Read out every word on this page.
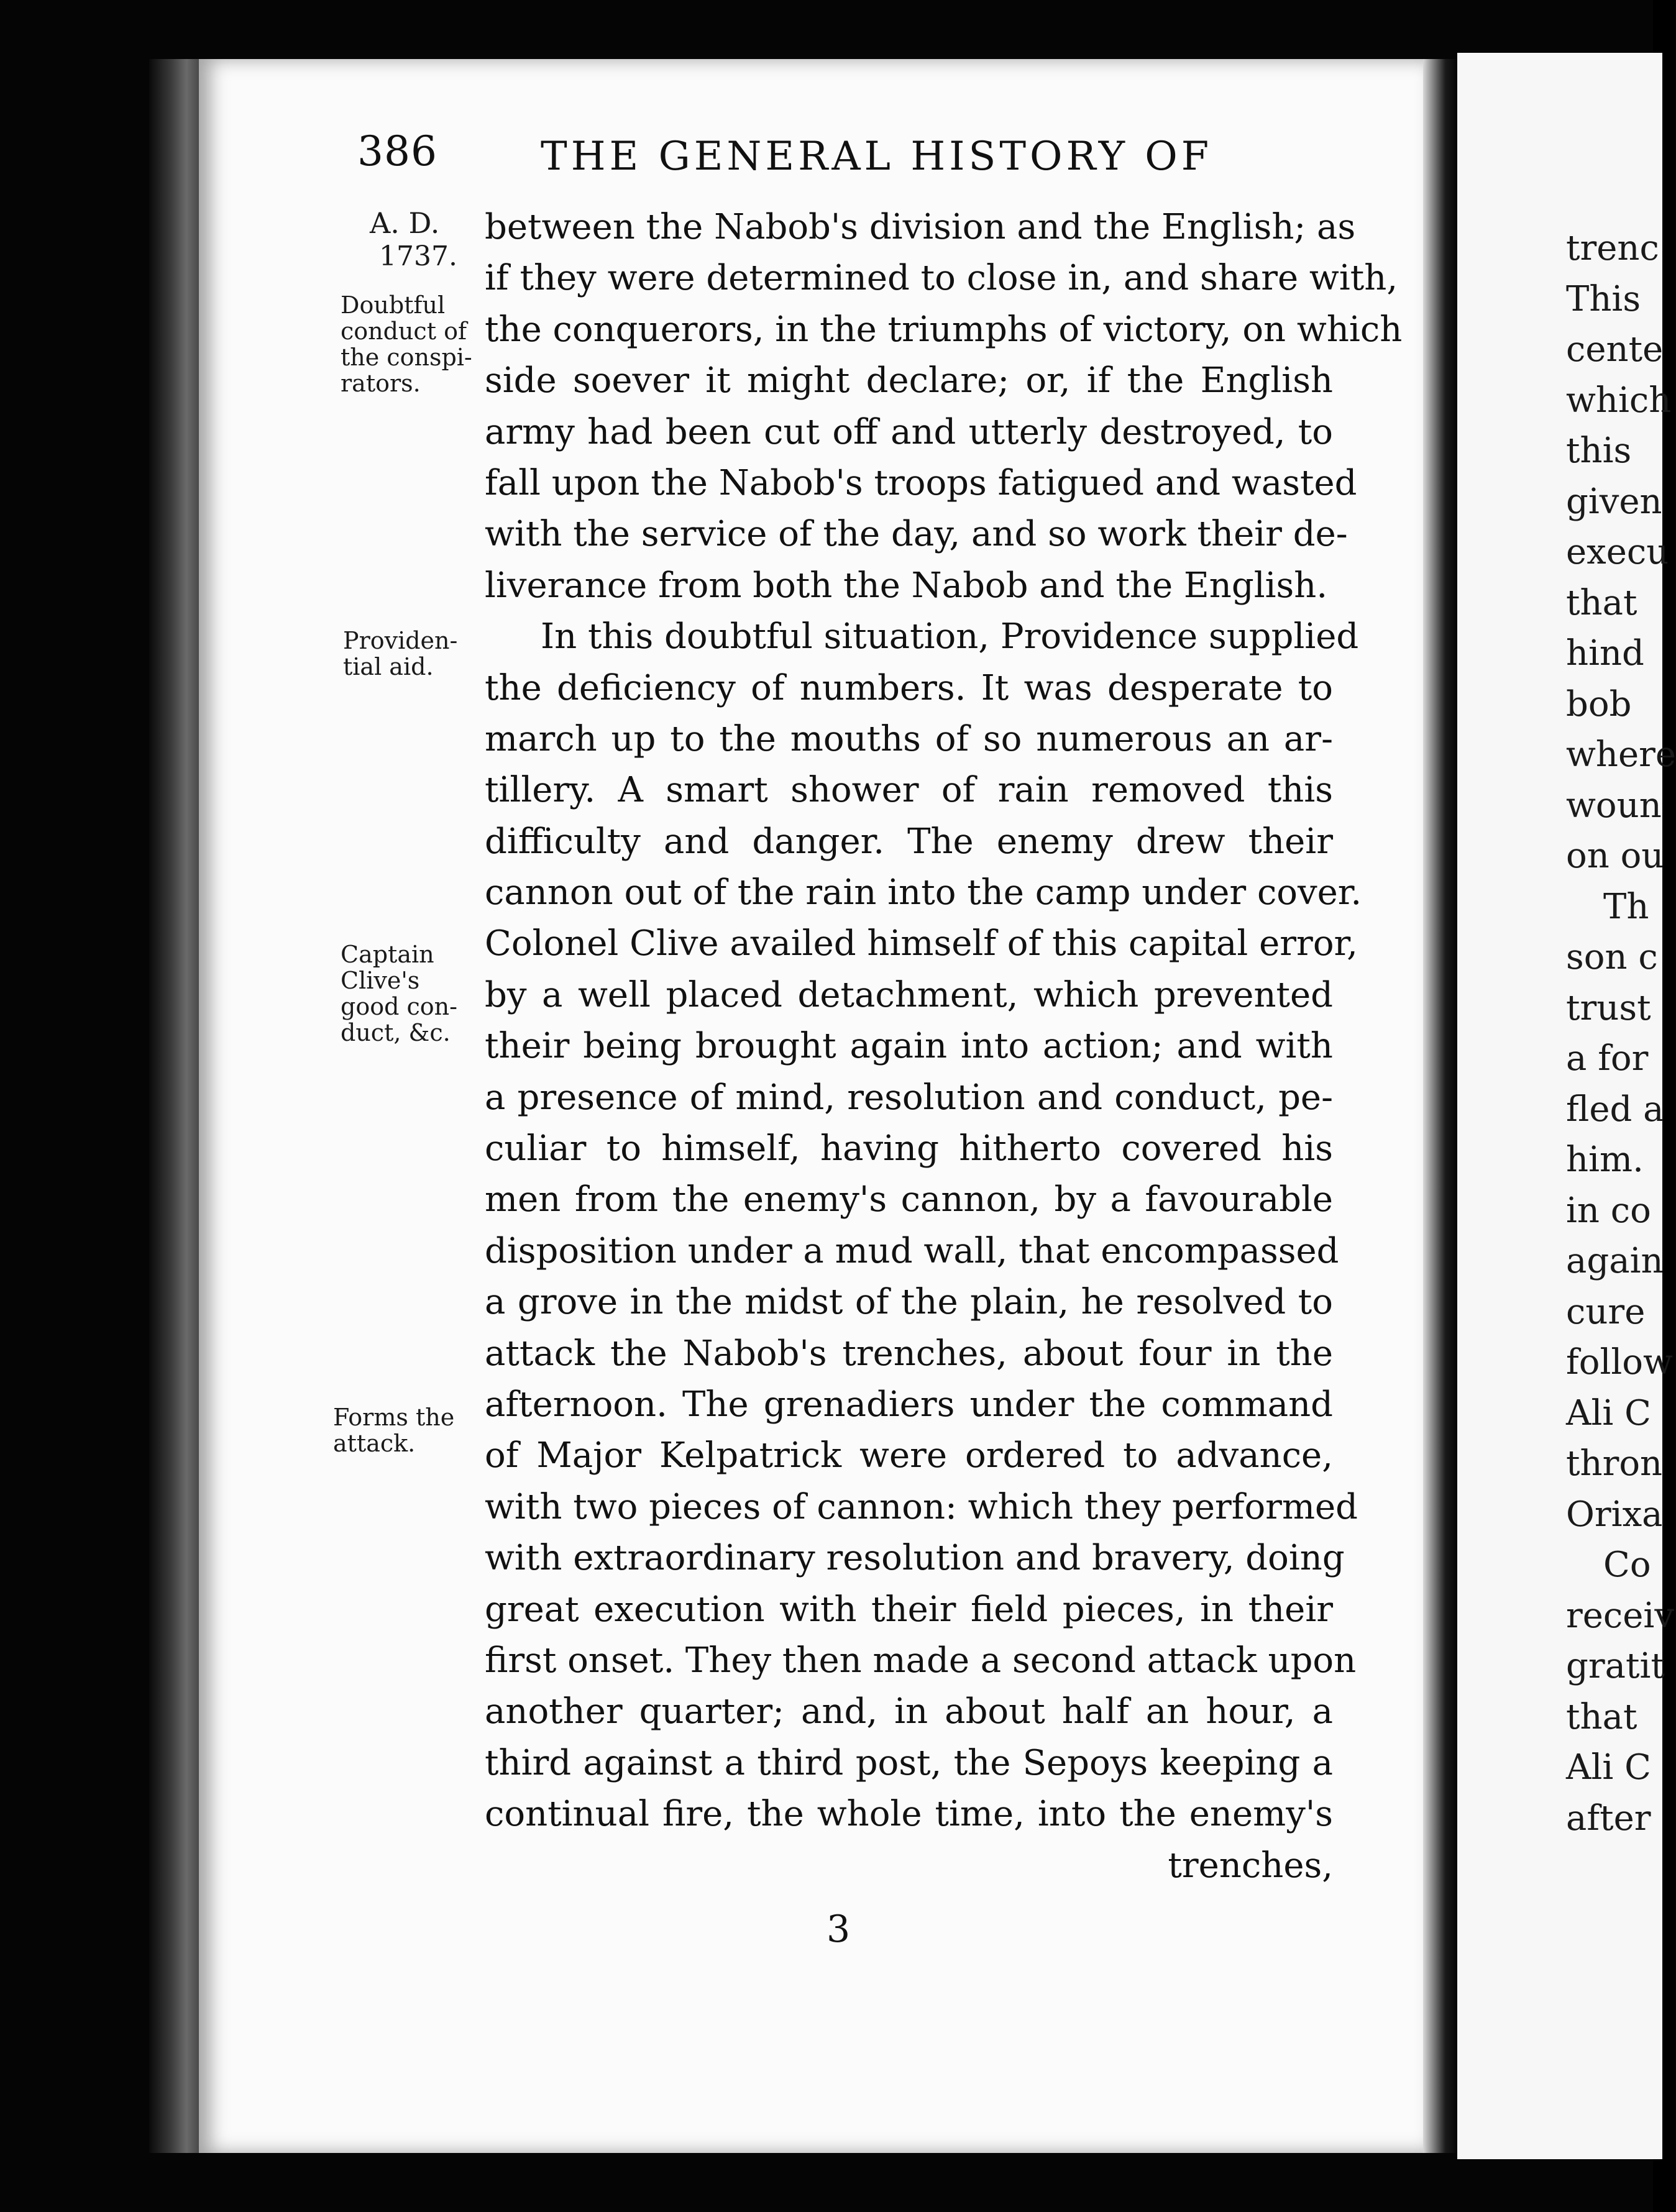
386	THE GENERAL HISTORY OF
A. D.
1737.
Doubtful
conduct of
the conspi-
rators.
Providen-
tial aid.
Captain
Clive's
good con-
duct, &c.
Forms the
attack.
between the Nabob's division and the English; as
if they were determined to close in, and share with,
the conquerors, in the triumphs of victory, on which
side soever it might declare; or, if the English
army had been cut off and utterly destroyed, to
fall upon the Nabob's troops fatigued and wasted
with the service of the day, and so work their de-
liverance from both the Nabob and the English.
In this doubtful situation, Providence supplied
the deficiency of numbers. It was desperate to
march up to the mouths of so numerous an ar-
tillery. A smart shower of rain removed this
difficulty and danger. The enemy drew their
cannon out of the rain into the camp under cover.
Colonel Clive availed himself of this capital error,
by a well placed detachment, which prevented
their being brought again into action; and with
a presence of mind, resolution and conduct, pe-
culiar to himself, having hitherto covered his
men from the enemy's cannon, by a favourable
disposition under a mud wall, that encompassed
a grove in the midst of the plain, he resolved to
attack the Nabob's trenches, about four in the
afternoon. The grenadiers under the command
of Major Kelpatrick were ordered to advance,
with two pieces of cannon: which they performed
with extraordinary resolution and bravery, doing
great execution with their field pieces, in their
first onset. They then made a second attack upon
another quarter; and, in about half an hour, a
third against a third post, the Sepoys keeping a
continual fire, the whole time, into the enemy's
trenches,
3
trenc
This
cente
which
this
given
execu
that
hind
bob
where
woun
on ou
Th
son c
trust
a for
fled a
him.
in co
again
cure
follow
Ali C
thron
Orixa
Co
receiv
gratit
that
Ali C
after
